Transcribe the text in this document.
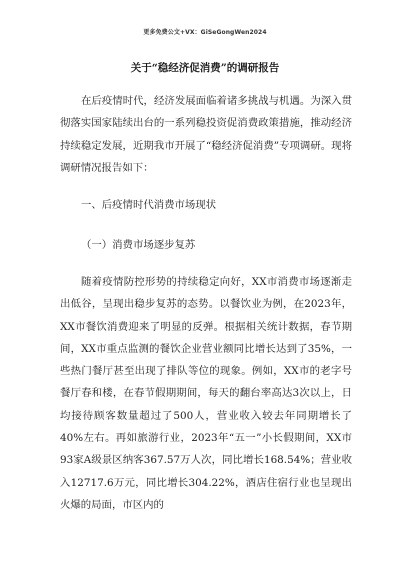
更多免费公文+VX：GiSeGongWen2024
关于“稳经济促消费”的调研报告
在后疫情时代，经济发展面临着诸多挑战与机遇。为深入贯彻落实国家陆续出台的一系列稳投资促消费政策措施，推动经济持续稳定发展，近期我市开展了“稳经济促消费”专项调研。现将调研情况报告如下：
一、后疫情时代消费市场现状
（一）消费市场逐步复苏
随着疫情防控形势的持续稳定向好，XX市消费市场逐渐走出低谷，呈现出稳步复苏的态势。以餐饮业为例，在2023年，XX市餐饮消费迎来了明显的反弹。根据相关统计数据，春节期间，XX市重点监测的餐饮企业营业额同比增长达到了35%，一些热门餐厅甚至出现了排队等位的现象。例如，XX市的老字号餐厅春和楼，在春节假期期间，每天的翻台率高达3次以上，日均接待顾客数量超过了500人，营业收入较去年同期增长了40%左右。再如旅游行业，2023年“五一”小长假期间，XX市93家A级景区纳客367.57万人次，同比增长168.54%；营业收入12717.6万元，同比增长304.22%，酒店住宿行业也呈现出火爆的局面，市区内的
